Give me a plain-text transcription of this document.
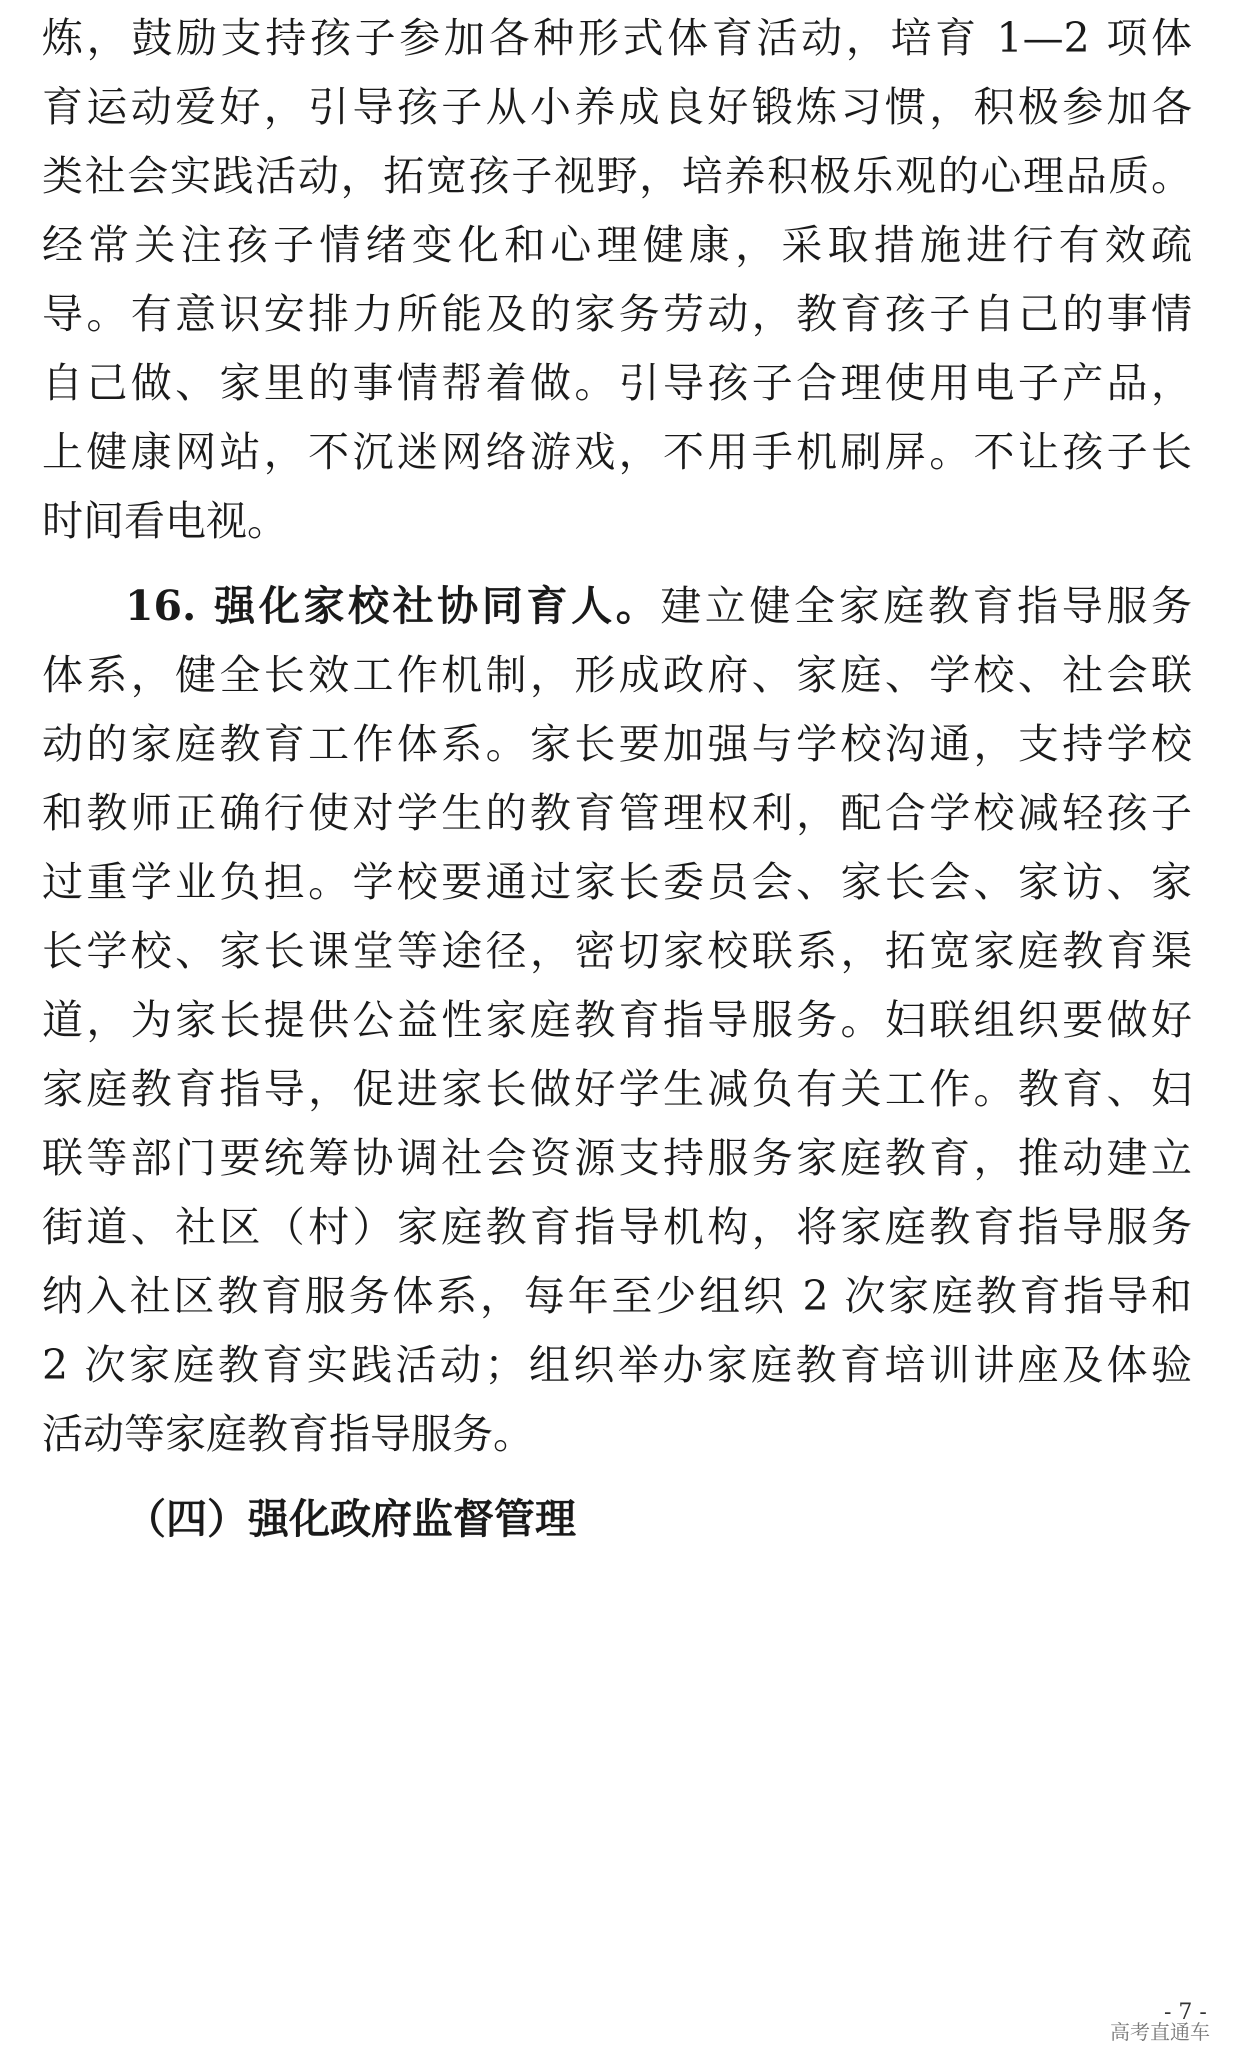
炼，鼓励支持孩子参加各种形式体育活动，培育 1—2 项体
育运动爱好，引导孩子从小养成良好锻炼习惯，积极参加各
类社会实践活动，拓宽孩子视野，培养积极乐观的心理品质。
经常关注孩子情绪变化和心理健康，采取措施进行有效疏
导。有意识安排力所能及的家务劳动，教育孩子自己的事情
自己做、家里的事情帮着做。引导孩子合理使用电子产品，
上健康网站，不沉迷网络游戏，不用手机刷屏。不让孩子长
时间看电视。
16. 强化家校社协同育人。建立健全家庭教育指导服务
体系，健全长效工作机制，形成政府、家庭、学校、社会联
动的家庭教育工作体系。家长要加强与学校沟通，支持学校
和教师正确行使对学生的教育管理权利，配合学校减轻孩子
过重学业负担。学校要通过家长委员会、家长会、家访、家
长学校、家长课堂等途径，密切家校联系，拓宽家庭教育渠
道，为家长提供公益性家庭教育指导服务。妇联组织要做好
家庭教育指导，促进家长做好学生减负有关工作。教育、妇
联等部门要统筹协调社会资源支持服务家庭教育，推动建立
街道、社区（村）家庭教育指导机构，将家庭教育指导服务
纳入社区教育服务体系，每年至少组织 2 次家庭教育指导和
2 次家庭教育实践活动；组织举办家庭教育培训讲座及体验
活动等家庭教育指导服务。
（四）强化政府监督管理
- 7 -
高考直通车
